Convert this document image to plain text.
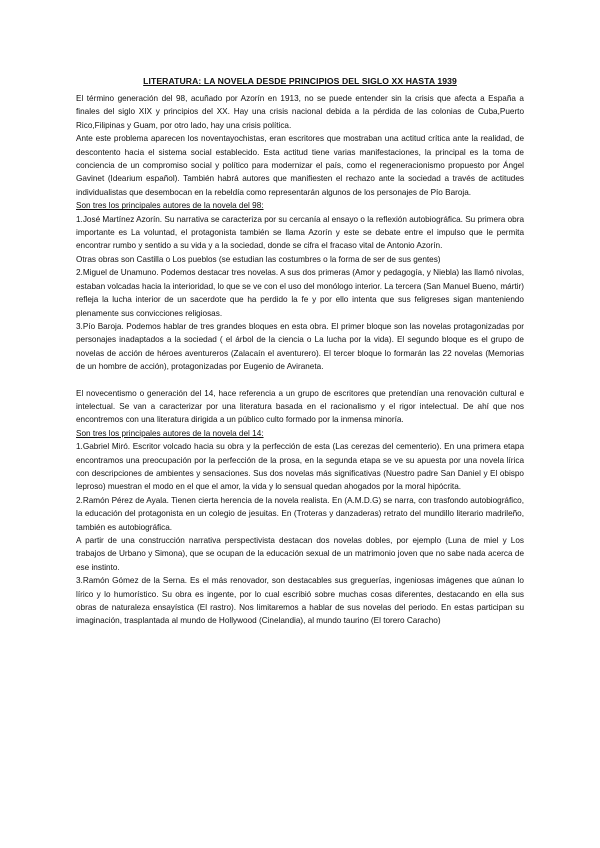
LITERATURA: LA NOVELA DESDE PRINCIPIOS DEL SIGLO XX HASTA 1939

El término generación del 98, acuñado por Azorín en 1913, no se puede entender sin la crisis que afecta a España a finales del siglo XIX y principios del XX. Hay una crisis nacional debida a la pérdida de las colonias de Cuba,Puerto Rico,Filipinas y Guam, por otro lado, hay una crisis política.

Ante este problema aparecen los noventayochistas, eran escritores que mostraban una actitud crítica ante la realidad, de descontento hacia el sistema social establecido. Esta actitud tiene varias manifestaciones, la principal es la toma de conciencia de un compromiso social y político para modernizar el país, como el regeneracionismo propuesto por Ángel Gavinet (Idearium español). También habrá autores que manifiesten el rechazo ante la sociedad a través de actitudes individualistas que desembocan en la rebeldía como representarán algunos de los personajes de Pío Baroja.

Son tres los principales autores de la novela del 98:

1.José Martínez Azorín. Su narrativa se caracteriza por su cercanía al ensayo o la reflexión autobiográfica. Su primera obra importante es La voluntad, el protagonista también se llama Azorín y este se debate entre el impulso que le permita encontrar rumbo y sentido a su vida y a la sociedad, donde se cifra el fracaso vital de Antonio Azorín.

Otras obras son Castilla o Los pueblos (se estudian las costumbres o la forma de ser de sus gentes)

2.Miguel de Unamuno. Podemos destacar tres novelas. A sus dos primeras (Amor y pedagogía, y Niebla) las llamó nivolas, estaban volcadas hacia la interioridad, lo que se ve con el uso del monólogo interior. La tercera (San Manuel Bueno, mártir) refleja la lucha interior de un sacerdote que ha perdido la fe y por ello intenta que sus feligreses sigan manteniendo plenamente sus convicciones religiosas.

3.Pío Baroja. Podemos hablar de tres grandes bloques en esta obra. El primer bloque son las novelas protagonizadas por personajes inadaptados a la sociedad ( el árbol de la ciencia o La lucha por la vida). El segundo bloque es el grupo de novelas de acción de héroes aventureros (Zalacaín el aventurero). El tercer bloque lo formarán las 22 novelas (Memorias de un hombre de acción), protagonizadas por Eugenio de Aviraneta.

El novecentismo o generación del 14, hace referencia a un grupo de escritores que pretendían una renovación cultural e intelectual. Se van a caracterizar por una literatura basada en el racionalismo y el rigor intelectual. De ahí que nos encontremos con una literatura dirigida a un público culto formado por la inmensa minoría.

Son tres los principales autores de la novela del 14:

1.Gabriel Miró. Escritor volcado hacia su obra y la perfección de esta (Las cerezas del cementerio). En una primera etapa encontramos una preocupación por la perfección de la prosa, en la segunda etapa se ve su apuesta por una novela lírica con descripciones de ambientes y sensaciones. Sus dos novelas más significativas (Nuestro padre San Daniel y El obispo leproso) muestran el modo en el que el amor, la vida y lo sensual quedan ahogados por la moral hipócrita.

2.Ramón Pérez de Ayala. Tienen cierta herencia de la novela realista. En (A.M.D.G) se narra, con trasfondo autobiográfico, la educación del protagonista en un colegio de jesuitas. En (Troteras y danzaderas) retrato del mundillo literario madrileño, también es autobiográfica.

A partir de una construcción narrativa perspectivista destacan dos novelas dobles, por ejemplo (Luna de miel y Los trabajos de Urbano y Simona), que se ocupan de la educación sexual de un matrimonio joven que no sabe nada acerca de ese instinto.

3.Ramón Gómez de la Serna. Es el más renovador, son destacables sus greguerías, ingeniosas imágenes que aúnan lo lírico y lo humorístico. Su obra es ingente, por lo cual escribió sobre muchas cosas diferentes, destacando en ella sus obras de naturaleza ensayística (El rastro). Nos limitaremos a hablar de sus novelas del periodo. En estas participan su imaginación, trasplantada al mundo de Hollywood (Cinelandia), al mundo taurino (El torero Caracho)
